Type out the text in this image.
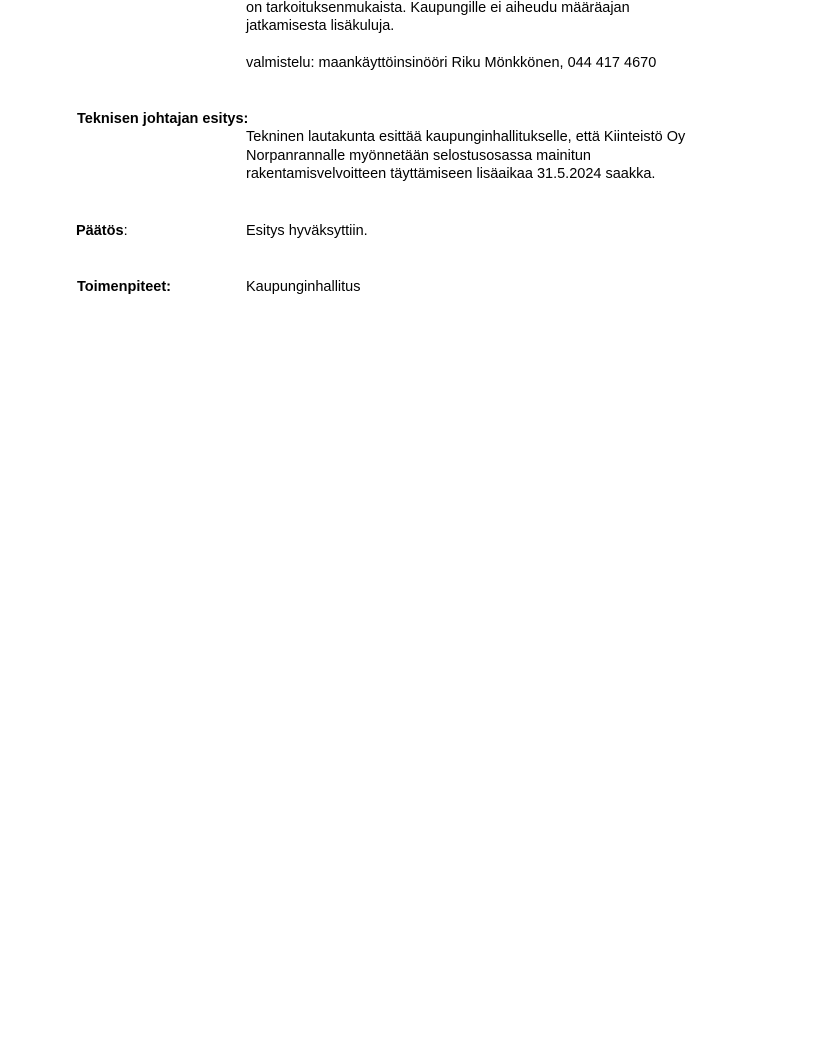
on tarkoituksenmukaista. Kaupungille ei aiheudu määräajan
jatkamisesta lisäkuluja.
valmistelu: maankäyttöinsinööri Riku Mönkkönen, 044 417 4670
Teknisen johtajan esitys:
Tekninen lautakunta esittää kaupunginhallitukselle, että Kiinteistö Oy
Norpanrannalle myönnetään selostusosassa mainitun
rakentamisvelvoitteen täyttämiseen lisäaikaa 31.5.2024 saakka.
Päätös:	Esitys hyväksyttiin.
Toimenpiteet:	Kaupunginhallitus
